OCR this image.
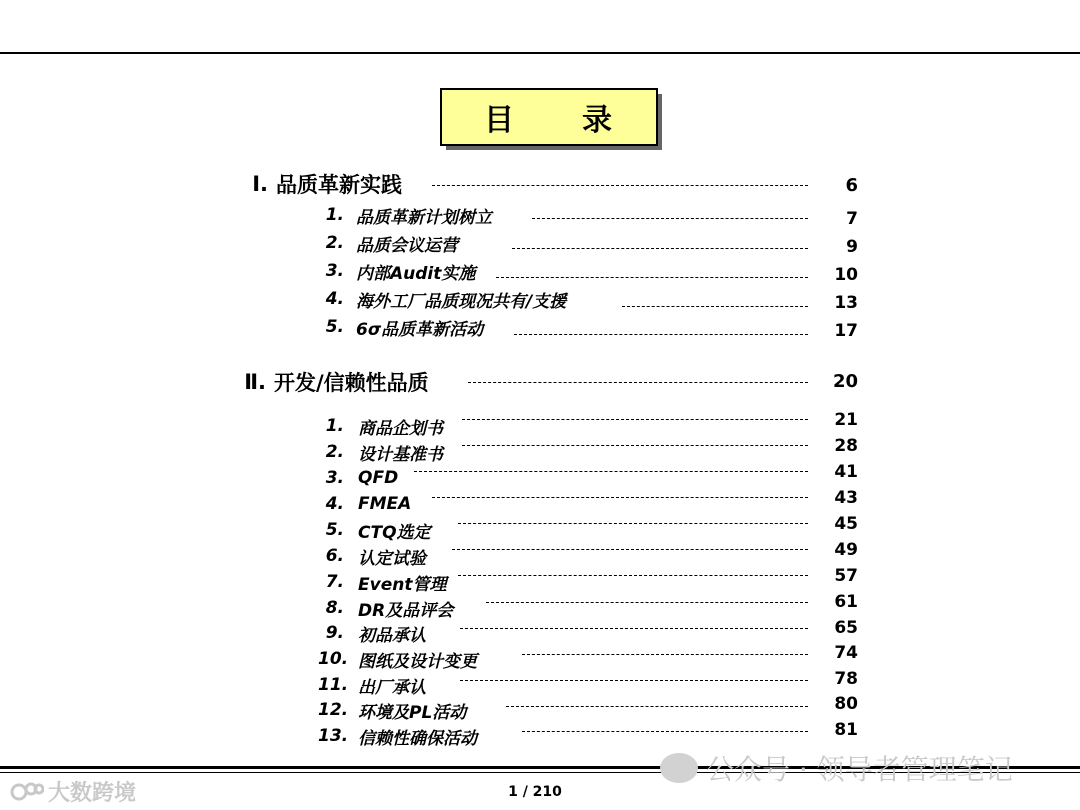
目 录
Ⅰ. 品质革新实践	6
1. 品质革新计划树立	7
2. 品质会议运营	9
3. 内部Audit实施	10
4. 海外工厂品质现况共有/支援	13
5. 6σ品质革新活动	17
Ⅱ. 开发/信赖性品质	20
1. 商品企划书	21
2. 设计基准书	28
3. QFD	41
4. FMEA	43
5. CTQ选定	45
6. 认定试验	49
7. Event管理	57
8. DR及品评会	61
9. 初品承认	65
10. 图纸及设计变更	74
11. 出厂承认	78
12. 环境及PL活动	80
13. 信赖性确保活动	81
公众号 · 领导者管理笔记
大数跨境	1 / 210
